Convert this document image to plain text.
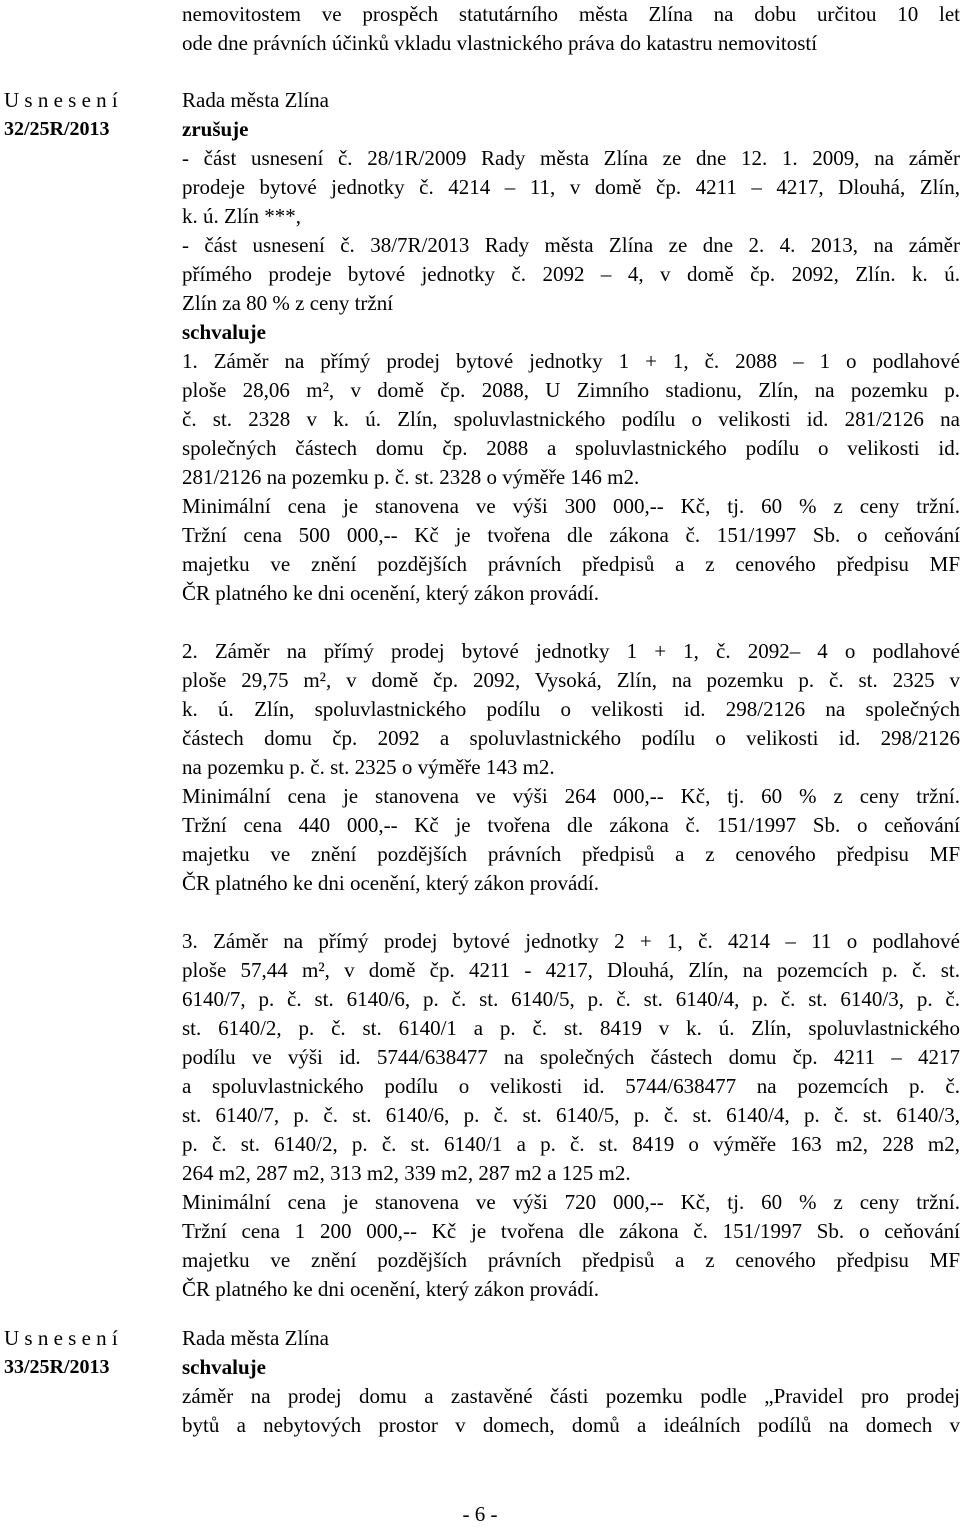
nemovitostem ve prospěch statutárního města Zlína na dobu určitou 10 let
ode dne právních účinků vkladu vlastnického práva do katastru nemovitostí
U s n e s e n í
32/25R/2013
Rada města Zlína
zrušuje
- část usnesení č. 28/1R/2009 Rady města Zlína ze dne 12. 1. 2009, na záměr
prodeje bytové jednotky č. 4214 – 11, v domě čp. 4211 – 4217, Dlouhá, Zlín,
k. ú. Zlín ***,
- část usnesení č. 38/7R/2013 Rady města Zlína ze dne 2. 4. 2013, na záměr
přímého prodeje bytové jednotky č. 2092 – 4, v domě čp. 2092, Zlín. k. ú.
Zlín za 80 % z ceny tržní
schvaluje
1. Záměr na přímý prodej bytové jednotky 1 + 1, č. 2088 – 1 o podlahové
ploše 28,06 m², v domě čp. 2088, U Zimního stadionu, Zlín, na pozemku p.
č. st. 2328 v k. ú. Zlín, spoluvlastnického podílu o velikosti id. 281/2126 na
společných částech domu čp. 2088 a spoluvlastnického podílu o velikosti id.
281/2126 na pozemku p. č. st. 2328 o výměře 146 m2.
Minimální cena je stanovena ve výši 300 000,-- Kč, tj. 60 % z ceny tržní.
Tržní cena 500 000,-- Kč je tvořena dle zákona č. 151/1997 Sb. o ceňování
majetku ve znění pozdějších právních předpisů a z cenového předpisu MF
ČR platného ke dni ocenění, který zákon provádí.
2. Záměr na přímý prodej bytové jednotky 1 + 1, č. 2092– 4 o podlahové
ploše 29,75 m², v domě čp. 2092, Vysoká, Zlín, na pozemku p. č. st. 2325 v
k. ú. Zlín, spoluvlastnického podílu o velikosti id. 298/2126 na společných
částech domu čp. 2092 a spoluvlastnického podílu o velikosti id. 298/2126
na pozemku p. č. st. 2325 o výměře 143 m2.
Minimální cena je stanovena ve výši 264 000,-- Kč, tj. 60 % z ceny tržní.
Tržní cena 440 000,-- Kč je tvořena dle zákona č. 151/1997 Sb. o ceňování
majetku ve znění pozdějších právních předpisů a z cenového předpisu MF
ČR platného ke dni ocenění, který zákon provádí.
3. Záměr na přímý prodej bytové jednotky 2 + 1, č. 4214 – 11 o podlahové
ploše 57,44 m², v domě čp. 4211 - 4217, Dlouhá, Zlín, na pozemcích p. č. st.
6140/7, p. č. st. 6140/6, p. č. st. 6140/5, p. č. st. 6140/4, p. č. st. 6140/3, p. č.
st. 6140/2, p. č. st. 6140/1 a p. č. st. 8419 v k. ú. Zlín, spoluvlastnického
podílu ve výši id. 5744/638477 na společných částech domu čp. 4211 – 4217
a spoluvlastnického podílu o velikosti id. 5744/638477 na pozemcích p. č.
st. 6140/7, p. č. st. 6140/6, p. č. st. 6140/5, p. č. st. 6140/4, p. č. st. 6140/3,
p. č. st. 6140/2, p. č. st. 6140/1 a p. č. st. 8419 o výměře 163 m2, 228 m2,
264 m2, 287 m2, 313 m2, 339 m2, 287 m2 a 125 m2.
Minimální cena je stanovena ve výši 720 000,-- Kč, tj. 60 % z ceny tržní.
Tržní cena 1 200 000,-- Kč je tvořena dle zákona č. 151/1997 Sb. o ceňování
majetku ve znění pozdějších právních předpisů a z cenového předpisu MF
ČR platného ke dni ocenění, který zákon provádí.
U s n e s e n í
33/25R/2013
Rada města Zlína
schvaluje
záměr na prodej domu a zastavěné části pozemku podle „Pravidel pro prodej
bytů a nebytových prostor v domech, domů a ideálních podílů na domech v
- 6 -
